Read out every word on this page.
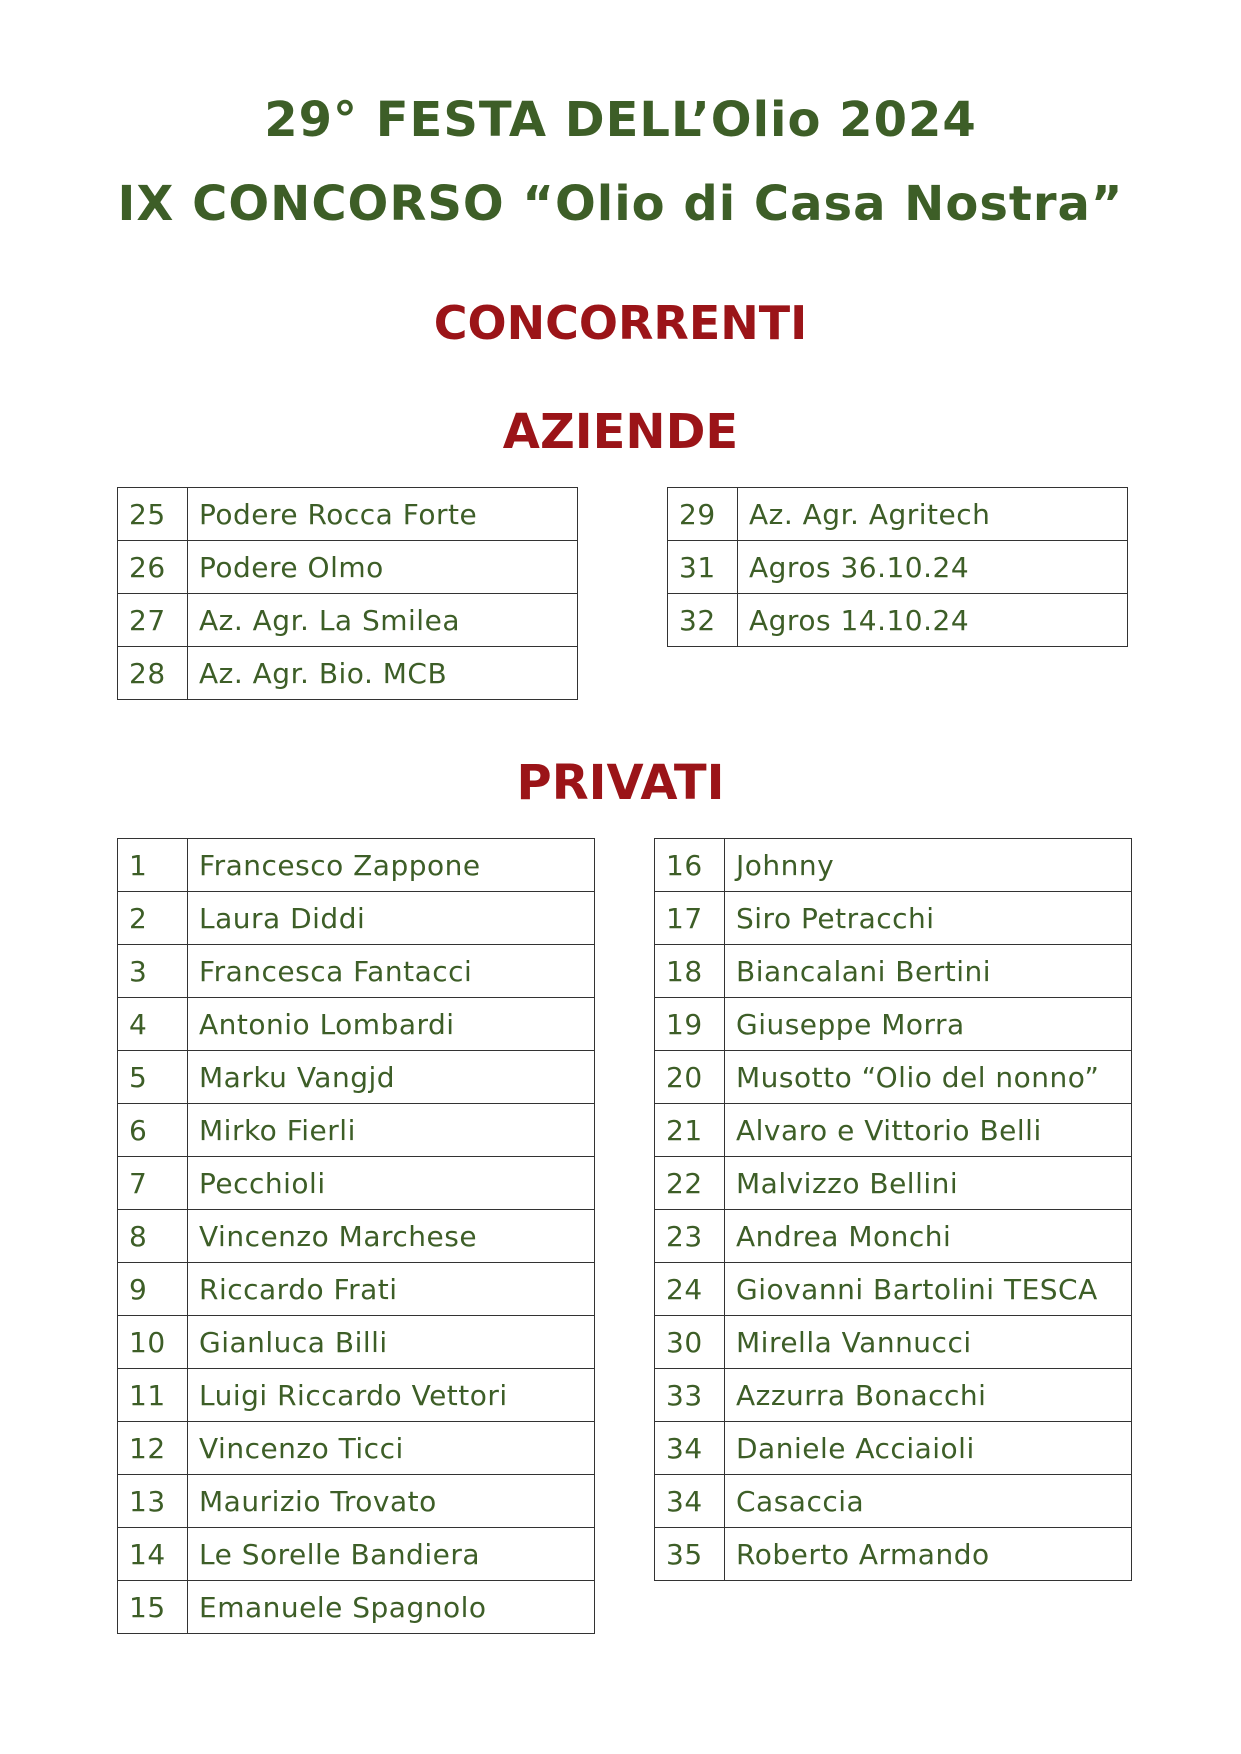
29° FESTA DELL’Olio 2024
IX CONCORSO “Olio di Casa Nostra”
CONCORRENTI
AZIENDE
25	Podere Rocca Forte
26	Podere Olmo
27	Az. Agr. La Smilea
28	Az. Agr. Bio. MCB
29	Az. Agr. Agritech
31	Agros 36.10.24
32	Agros 14.10.24
PRIVATI
1	Francesco Zappone
2	Laura Diddi
3	Francesca Fantacci
4	Antonio Lombardi
5	Marku Vangjd
6	Mirko Fierli
7	Pecchioli
8	Vincenzo Marchese
9	Riccardo Frati
10	Gianluca Billi
11	Luigi Riccardo Vettori
12	Vincenzo Ticci
13	Maurizio Trovato
14	Le Sorelle Bandiera
15	Emanuele Spagnolo
16	Johnny
17	Siro Petracchi
18	Biancalani Bertini
19	Giuseppe Morra
20	Musotto “Olio del nonno”
21	Alvaro e Vittorio Belli
22	Malvizzo Bellini
23	Andrea Monchi
24	Giovanni Bartolini TESCA
30	Mirella Vannucci
33	Azzurra Bonacchi
34	Daniele Acciaioli
34	Casaccia
35	Roberto Armando
